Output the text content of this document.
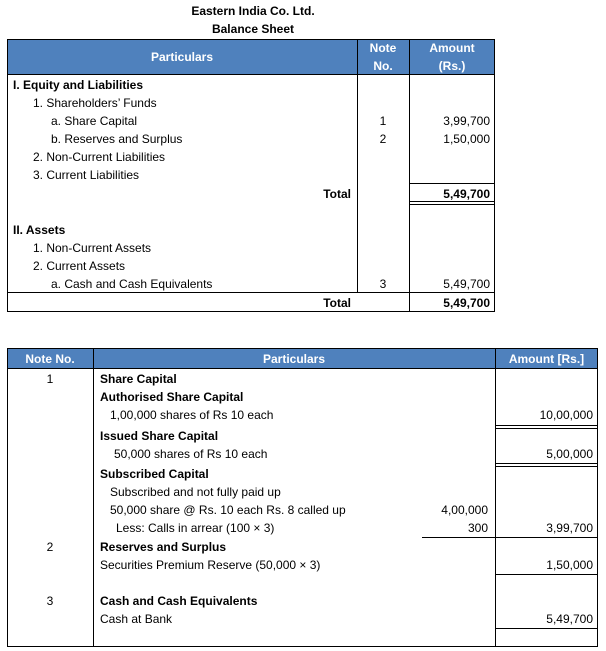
Eastern India Co. Ltd.
Balance Sheet
Particulars
Note
No.
Amount
(Rs.)
I. Equity and Liabilities
1. Shareholders’ Funds
a. Share Capital	1	3,99,700
b. Reserves and Surplus	2	1,50,000
2. Non-Current Liabilities
3. Current Liabilities
Total	5,49,700
II. Assets
1. Non-Current Assets
2. Current Assets
a. Cash and Cash Equivalents	3	5,49,700
Total	5,49,700
Note No.	Particulars	Amount [Rs.]
1	Share Capital
Authorised Share Capital
1,00,000 shares of Rs 10 each	10,00,000
Issued Share Capital
50,000 shares of Rs 10 each	5,00,000
Subscribed Capital
Subscribed and not fully paid up
50,000 share @ Rs. 10 each Rs. 8 called up	4,00,000
Less: Calls in arrear (100 × 3)	300	3,99,700
2	Reserves and Surplus
Securities Premium Reserve (50,000 × 3)	1,50,000
3	Cash and Cash Equivalents
Cash at Bank	5,49,700
